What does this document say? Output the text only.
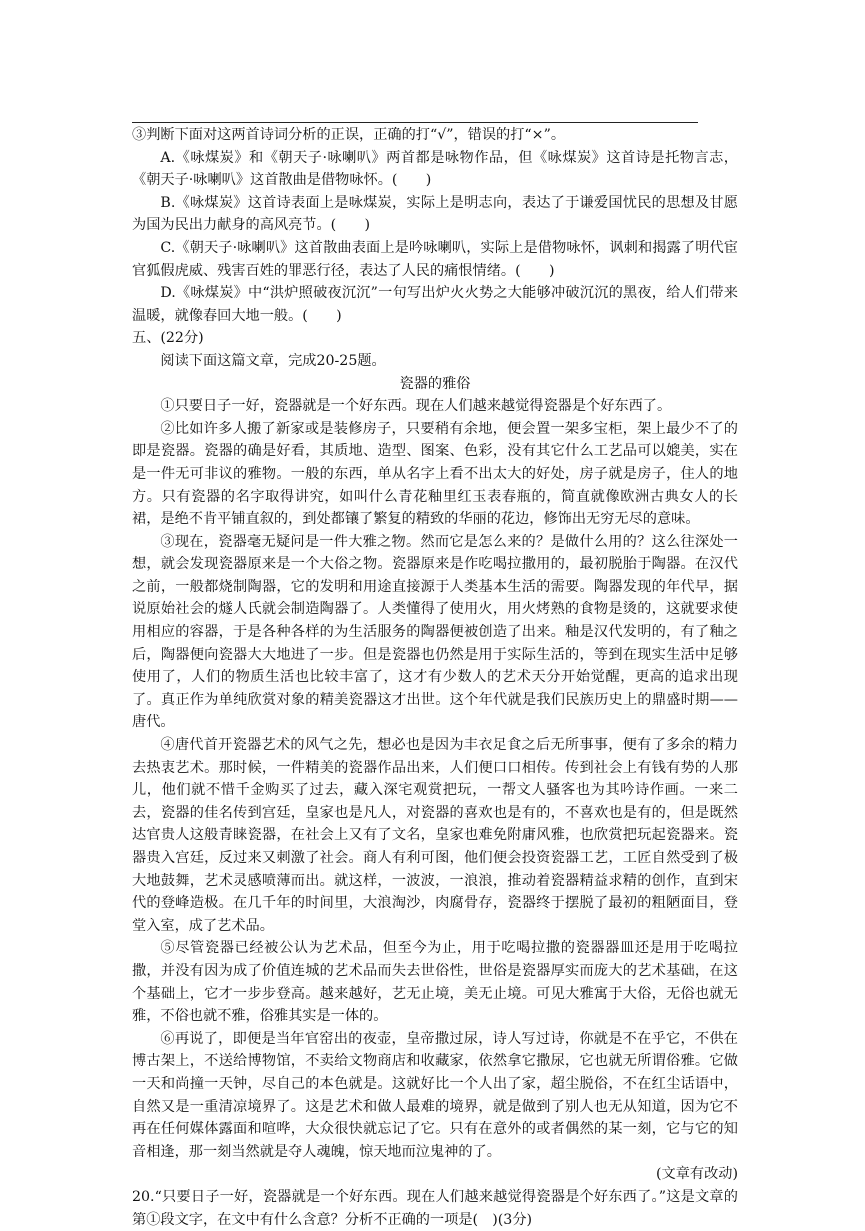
③判断下面对这两首诗词分析的正误，正确的打“√”，错误的打“×”。

A.《咏煤炭》和《朝天子·咏喇叭》两首都是咏物作品，但《咏煤炭》这首诗是托物言志，《朝天子·咏喇叭》这首散曲是借物咏怀。(　　)

B.《咏煤炭》这首诗表面上是咏煤炭，实际上是明志向，表达了于谦爱国忧民的思想及甘愿为国为民出力献身的高风亮节。(　　)

C.《朝天子·咏喇叭》这首散曲表面上是吟咏喇叭，实际上是借物咏怀，讽刺和揭露了明代宦官狐假虎威、残害百姓的罪恶行径，表达了人民的痛恨情绪。(　　)

D.《咏煤炭》中“洪炉照破夜沉沉”一句写出炉火火势之大能够冲破沉沉的黑夜，给人们带来温暖，就像春回大地一般。(　　)

五、(22分)

阅读下面这篇文章，完成20-25题。

瓷器的雅俗

①只要日子一好，瓷器就是一个好东西。现在人们越来越觉得瓷器是个好东西了。

②比如许多人搬了新家或是装修房子，只要稍有余地，便会置一架多宝柜，架上最少不了的即是瓷器。瓷器的确是好看，其质地、造型、图案、色彩，没有其它什么工艺品可以媲美，实在是一件无可非议的雅物。一般的东西，单从名字上看不出太大的好处，房子就是房子，住人的地方。只有瓷器的名字取得讲究，如叫什么青花釉里红玉表春瓶的，简直就像欧洲古典女人的长裙，是绝不肯平铺直叙的，到处都镶了繁复的精致的华丽的花边，修饰出无穷无尽的意味。

③现在，瓷器毫无疑问是一件大雅之物。然而它是怎么来的？是做什么用的？这么往深处一想，就会发现瓷器原来是一个大俗之物。瓷器原来是作吃喝拉撒用的，最初脱胎于陶器。在汉代之前，一般都烧制陶器，它的发明和用途直接源于人类基本生活的需要。陶器发现的年代早，据说原始社会的燧人氏就会制造陶器了。人类懂得了使用火，用火烤熟的食物是烫的，这就要求使用相应的容器，于是各种各样的为生活服务的陶器便被创造了出来。釉是汉代发明的，有了釉之后，陶器便向瓷器大大地进了一步。但是瓷器也仍然是用于实际生活的，等到在现实生活中足够使用了，人们的物质生活也比较丰富了，这才有少数人的艺术天分开始觉醒，更高的追求出现了。真正作为单纯欣赏对象的精美瓷器这才出世。这个年代就是我们民族历史上的鼎盛时期——唐代。

④唐代首开瓷器艺术的风气之先，想必也是因为丰衣足食之后无所事事，便有了多余的精力去热衷艺术。那时候，一件精美的瓷器作品出来，人们便口口相传。传到社会上有钱有势的人那儿，他们就不惜千金购买了过去，藏入深宅观赏把玩，一帮文人骚客也为其吟诗作画。一来二去，瓷器的佳名传到宫廷，皇家也是凡人，对瓷器的喜欢也是有的，不喜欢也是有的，但是既然达官贵人这般青睐瓷器，在社会上又有了文名，皇家也难免附庸风雅，也欣赏把玩起瓷器来。瓷器贵入宫廷，反过来又刺激了社会。商人有利可图，他们便会投资瓷器工艺，工匠自然受到了极大地鼓舞，艺术灵感喷薄而出。就这样，一波波，一浪浪，推动着瓷器精益求精的创作，直到宋代的登峰造极。在几千年的时间里，大浪淘沙，肉腐骨存，瓷器终于摆脱了最初的粗陋面目，登堂入室，成了艺术品。

⑤尽管瓷器已经被公认为艺术品，但至今为止，用于吃喝拉撒的瓷器器皿还是用于吃喝拉撒，并没有因为成了价值连城的艺术品而失去世俗性，世俗是瓷器厚实而庞大的艺术基础，在这个基础上，它才一步步登高。越来越好，艺无止境，美无止境。可见大雅寓于大俗，无俗也就无雅，不俗也就不雅，俗雅其实是一体的。

⑥再说了，即便是当年官窑出的夜壶，皇帝撒过尿，诗人写过诗，你就是不在乎它，不供在博古架上，不送给博物馆，不卖给文物商店和收藏家，依然拿它撒尿，它也就无所谓俗雅。它做一天和尚撞一天钟，尽自己的本色就是。这就好比一个人出了家，超尘脱俗，不在红尘话语中，自然又是一重清凉境界了。这是艺术和做人最难的境界，就是做到了别人也无从知道，因为它不再在任何媒体露面和喧哗，大众很快就忘记了它。只有在意外的或者偶然的某一刻，它与它的知音相逢，那一刻当然就是夺人魂魄，惊天地而泣鬼神的了。

(文章有改动)

20.“只要日子一好，瓷器就是一个好东西。现在人们越来越觉得瓷器是个好东西了。”这是文章的第①段文字，在文中有什么含意？分析不正确的一项是(　)(3分)
